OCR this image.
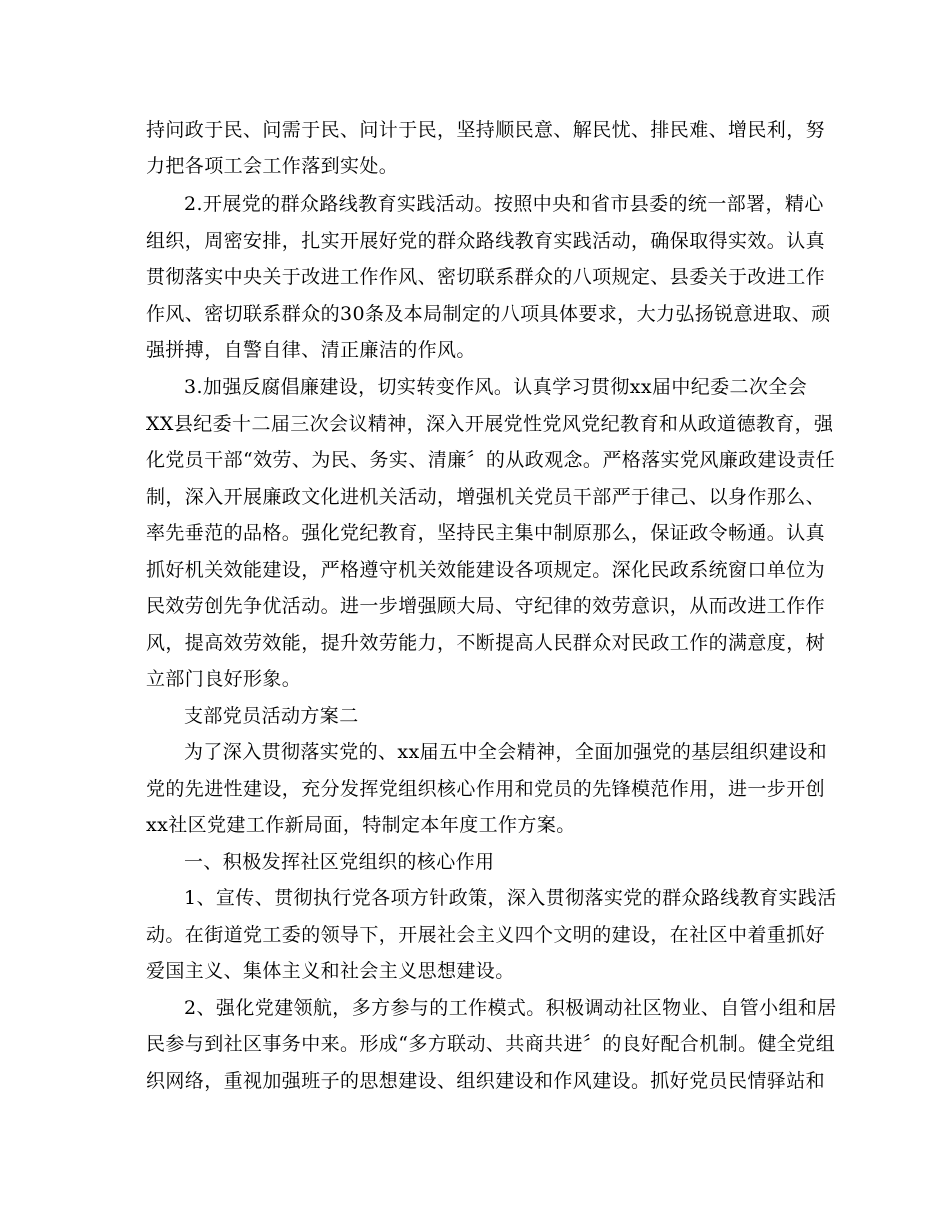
持问政于民、问需于民、问计于民，坚持顺民意、解民忧、排民难、增民利，努
力把各项工会工作落到实处。
2.开展党的群众路线教育实践活动。按照中央和省市县委的统一部署，精心
组织，周密安排，扎实开展好党的群众路线教育实践活动，确保取得实效。认真
贯彻落实中央关于改进工作作风、密切联系群众的八项规定、县委关于改进工作
作风、密切联系群众的30条及本局制定的八项具体要求，大力弘扬锐意进取、顽
强拼搏，自警自律、清正廉洁的作风。
3.加强反腐倡廉建设，切实转变作风。认真学习贯彻xx届中纪委二次全会
XX县纪委十二届三次会议精神，深入开展党性党风党纪教育和从政道德教育，强
化党员干部“效劳、为民、务实、清廉〞的从政观念。严格落实党风廉政建设责任
制，深入开展廉政文化进机关活动，增强机关党员干部严于律己、以身作那么、
率先垂范的品格。强化党纪教育，坚持民主集中制原那么，保证政令畅通。认真
抓好机关效能建设，严格遵守机关效能建设各项规定。深化民政系统窗口单位为
民效劳创先争优活动。进一步增强顾大局、守纪律的效劳意识，从而改进工作作
风，提高效劳效能，提升效劳能力，不断提高人民群众对民政工作的满意度，树
立部门良好形象。
支部党员活动方案二
为了深入贯彻落实党的、xx届五中全会精神，全面加强党的基层组织建设和
党的先进性建设，充分发挥党组织核心作用和党员的先锋模范作用，进一步开创
xx社区党建工作新局面，特制定本年度工作方案。
一、积极发挥社区党组织的核心作用
1、宣传、贯彻执行党各项方针政策，深入贯彻落实党的群众路线教育实践活
动。在街道党工委的领导下，开展社会主义四个文明的建设，在社区中着重抓好
爱国主义、集体主义和社会主义思想建设。
2、强化党建领航，多方参与的工作模式。积极调动社区物业、自管小组和居
民参与到社区事务中来。形成“多方联动、共商共进〞的良好配合机制。健全党组
织网络，重视加强班子的思想建设、组织建设和作风建设。抓好党员民情驿站和
